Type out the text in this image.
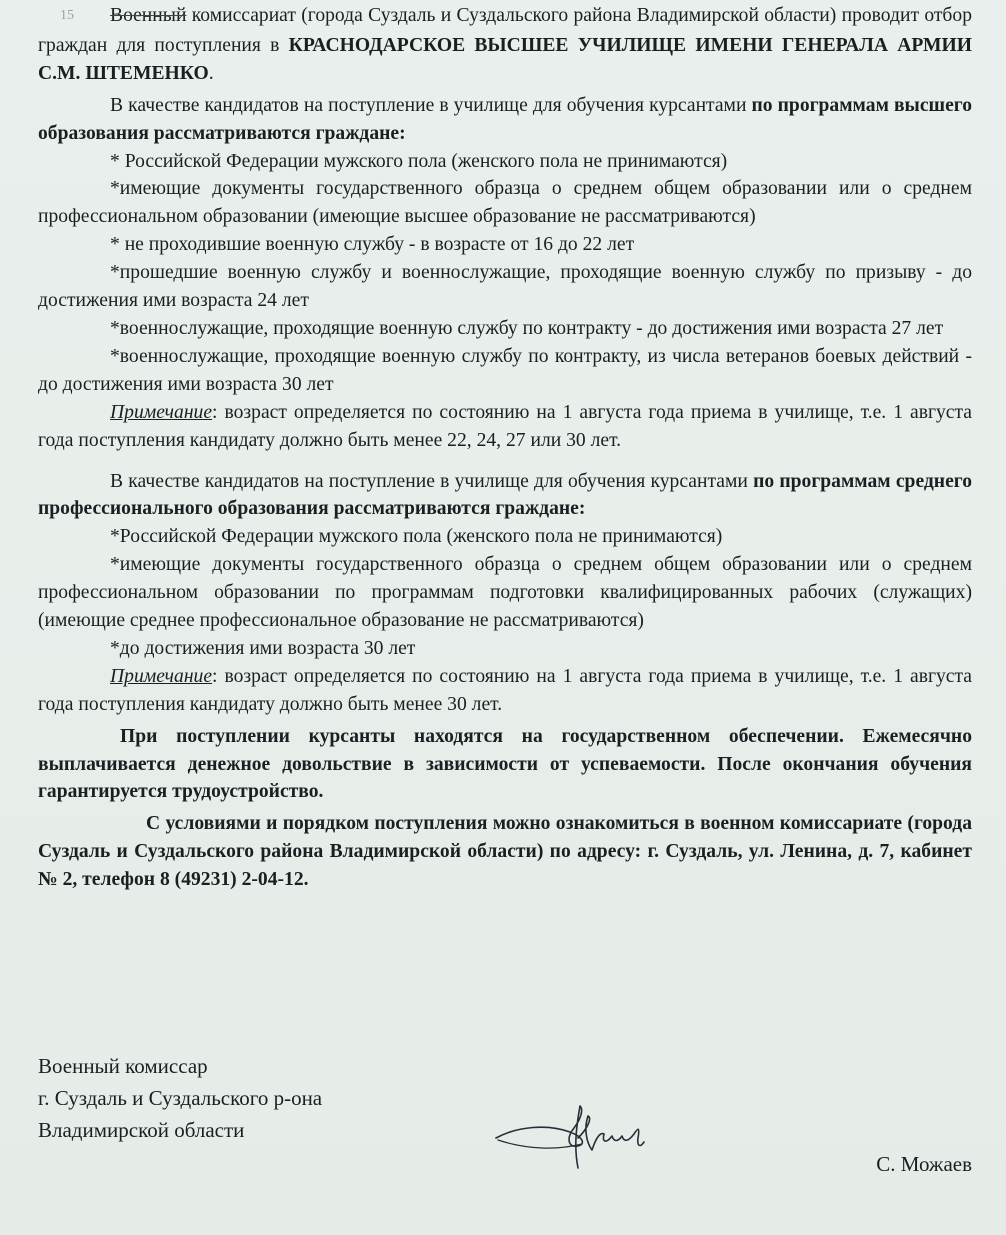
15 Военный комиссариат (города Суздаль и Суздальского района Владимирской области) проводит отбор граждан для поступления в КРАСНОДАРСКОЕ ВЫСШЕЕ УЧИЛИЩЕ ИМЕНИ ГЕНЕРАЛА АРМИИ С.М. ШТЕМЕНКО.

В качестве кандидатов на поступление в училище для обучения курсантами по программам высшего образования рассматриваются граждане:

* Российской Федерации мужского пола (женского пола не принимаются)

*имеющие документы государственного образца о среднем общем образовании или о среднем профессиональном образовании (имеющие высшее образование не рассматриваются)

* не проходившие военную службу - в возрасте от 16 до 22 лет

*прошедшие военную службу и военнослужащие, проходящие военную службу по призыву - до достижения ими возраста 24 лет

*военнослужащие, проходящие военную службу по контракту - до достижения ими возраста 27 лет

*военнослужащие, проходящие военную службу по контракту, из числа ветеранов боевых действий - до достижения ими возраста 30 лет

Примечание: возраст определяется по состоянию на 1 августа года приема в училище, т.е. 1 августа года поступления кандидату должно быть менее 22, 24, 27 или 30 лет.

В качестве кандидатов на поступление в училище для обучения курсантами по программам среднего профессионального образования рассматриваются граждане:

*Российской Федерации мужского пола (женского пола не принимаются)

*имеющие документы государственного образца о среднем общем образовании или о среднем профессиональном образовании по программам подготовки квалифицированных рабочих (служащих) (имеющие среднее профессиональное образование не рассматриваются)

*до достижения ими возраста 30 лет

Примечание: возраст определяется по состоянию на 1 августа года приема в училище, т.е. 1 августа года поступления кандидату должно быть менее 30 лет.

При поступлении курсанты находятся на государственном обеспечении. Ежемесячно выплачивается денежное довольствие в зависимости от успеваемости. После окончания обучения гарантируется трудоустройство.

С условиями и порядком поступления можно ознакомиться в военном комиссариате (города Суздаль и Суздальского района Владимирской области) по адресу: г. Суздаль, ул. Ленина, д. 7, кабинет № 2, телефон 8 (49231) 2-04-12.

Военный комиссар
г. Суздаль и Суздальского р-она
Владимирской области
С. Можаев
